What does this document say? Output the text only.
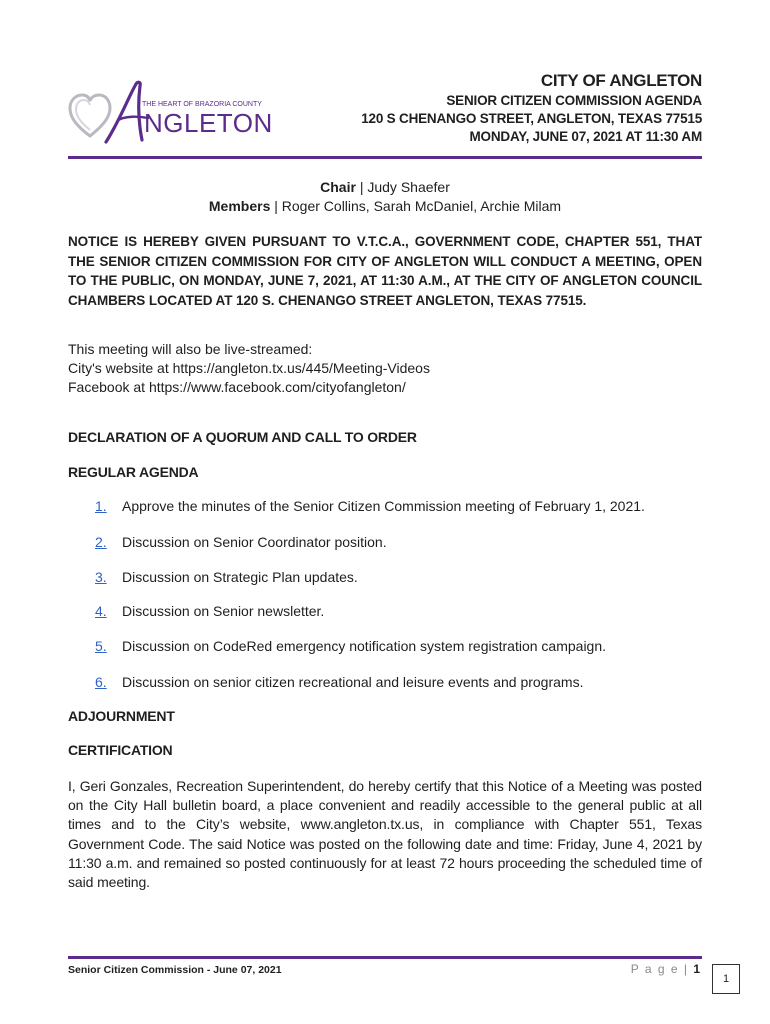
THE HEART OF BRAZORIA COUNTY
NGLETON
CITY OF ANGLETON
SENIOR CITIZEN COMMISSION AGENDA
120 S CHENANGO STREET, ANGLETON, TEXAS 77515
MONDAY, JUNE 07, 2021 AT 11:30 AM
Chair | Judy Shaefer
Members | Roger Collins, Sarah McDaniel, Archie Milam
NOTICE IS HEREBY GIVEN PURSUANT TO V.T.C.A., GOVERNMENT CODE, CHAPTER 551, THAT THE SENIOR CITIZEN COMMISSION FOR CITY OF ANGLETON WILL CONDUCT A MEETING, OPEN TO THE PUBLIC, ON MONDAY, JUNE 7, 2021, AT 11:30 A.M., AT THE CITY OF ANGLETON COUNCIL CHAMBERS LOCATED AT 120 S. CHENANGO STREET ANGLETON, TEXAS 77515.
This meeting will also be live-streamed:
City's website at https://angleton.tx.us/445/Meeting-Videos
Facebook at https://www.facebook.com/cityofangleton/
DECLARATION OF A QUORUM AND CALL TO ORDER
REGULAR AGENDA
1. Approve the minutes of the Senior Citizen Commission meeting of February 1, 2021.
2. Discussion on Senior Coordinator position.
3. Discussion on Strategic Plan updates.
4. Discussion on Senior newsletter.
5. Discussion on CodeRed emergency notification system registration campaign.
6. Discussion on senior citizen recreational and leisure events and programs.
ADJOURNMENT
CERTIFICATION
I, Geri Gonzales, Recreation Superintendent, do hereby certify that this Notice of a Meeting was posted on the City Hall bulletin board, a place convenient and readily accessible to the general public at all times and to the City’s website, www.angleton.tx.us, in compliance with Chapter 551, Texas Government Code. The said Notice was posted on the following date and time: Friday, June 4, 2021 by 11:30 a.m. and remained so posted continuously for at least 72 hours proceeding the scheduled time of said meeting.
Senior Citizen Commission - June 07, 2021	P a g e | 1
1
